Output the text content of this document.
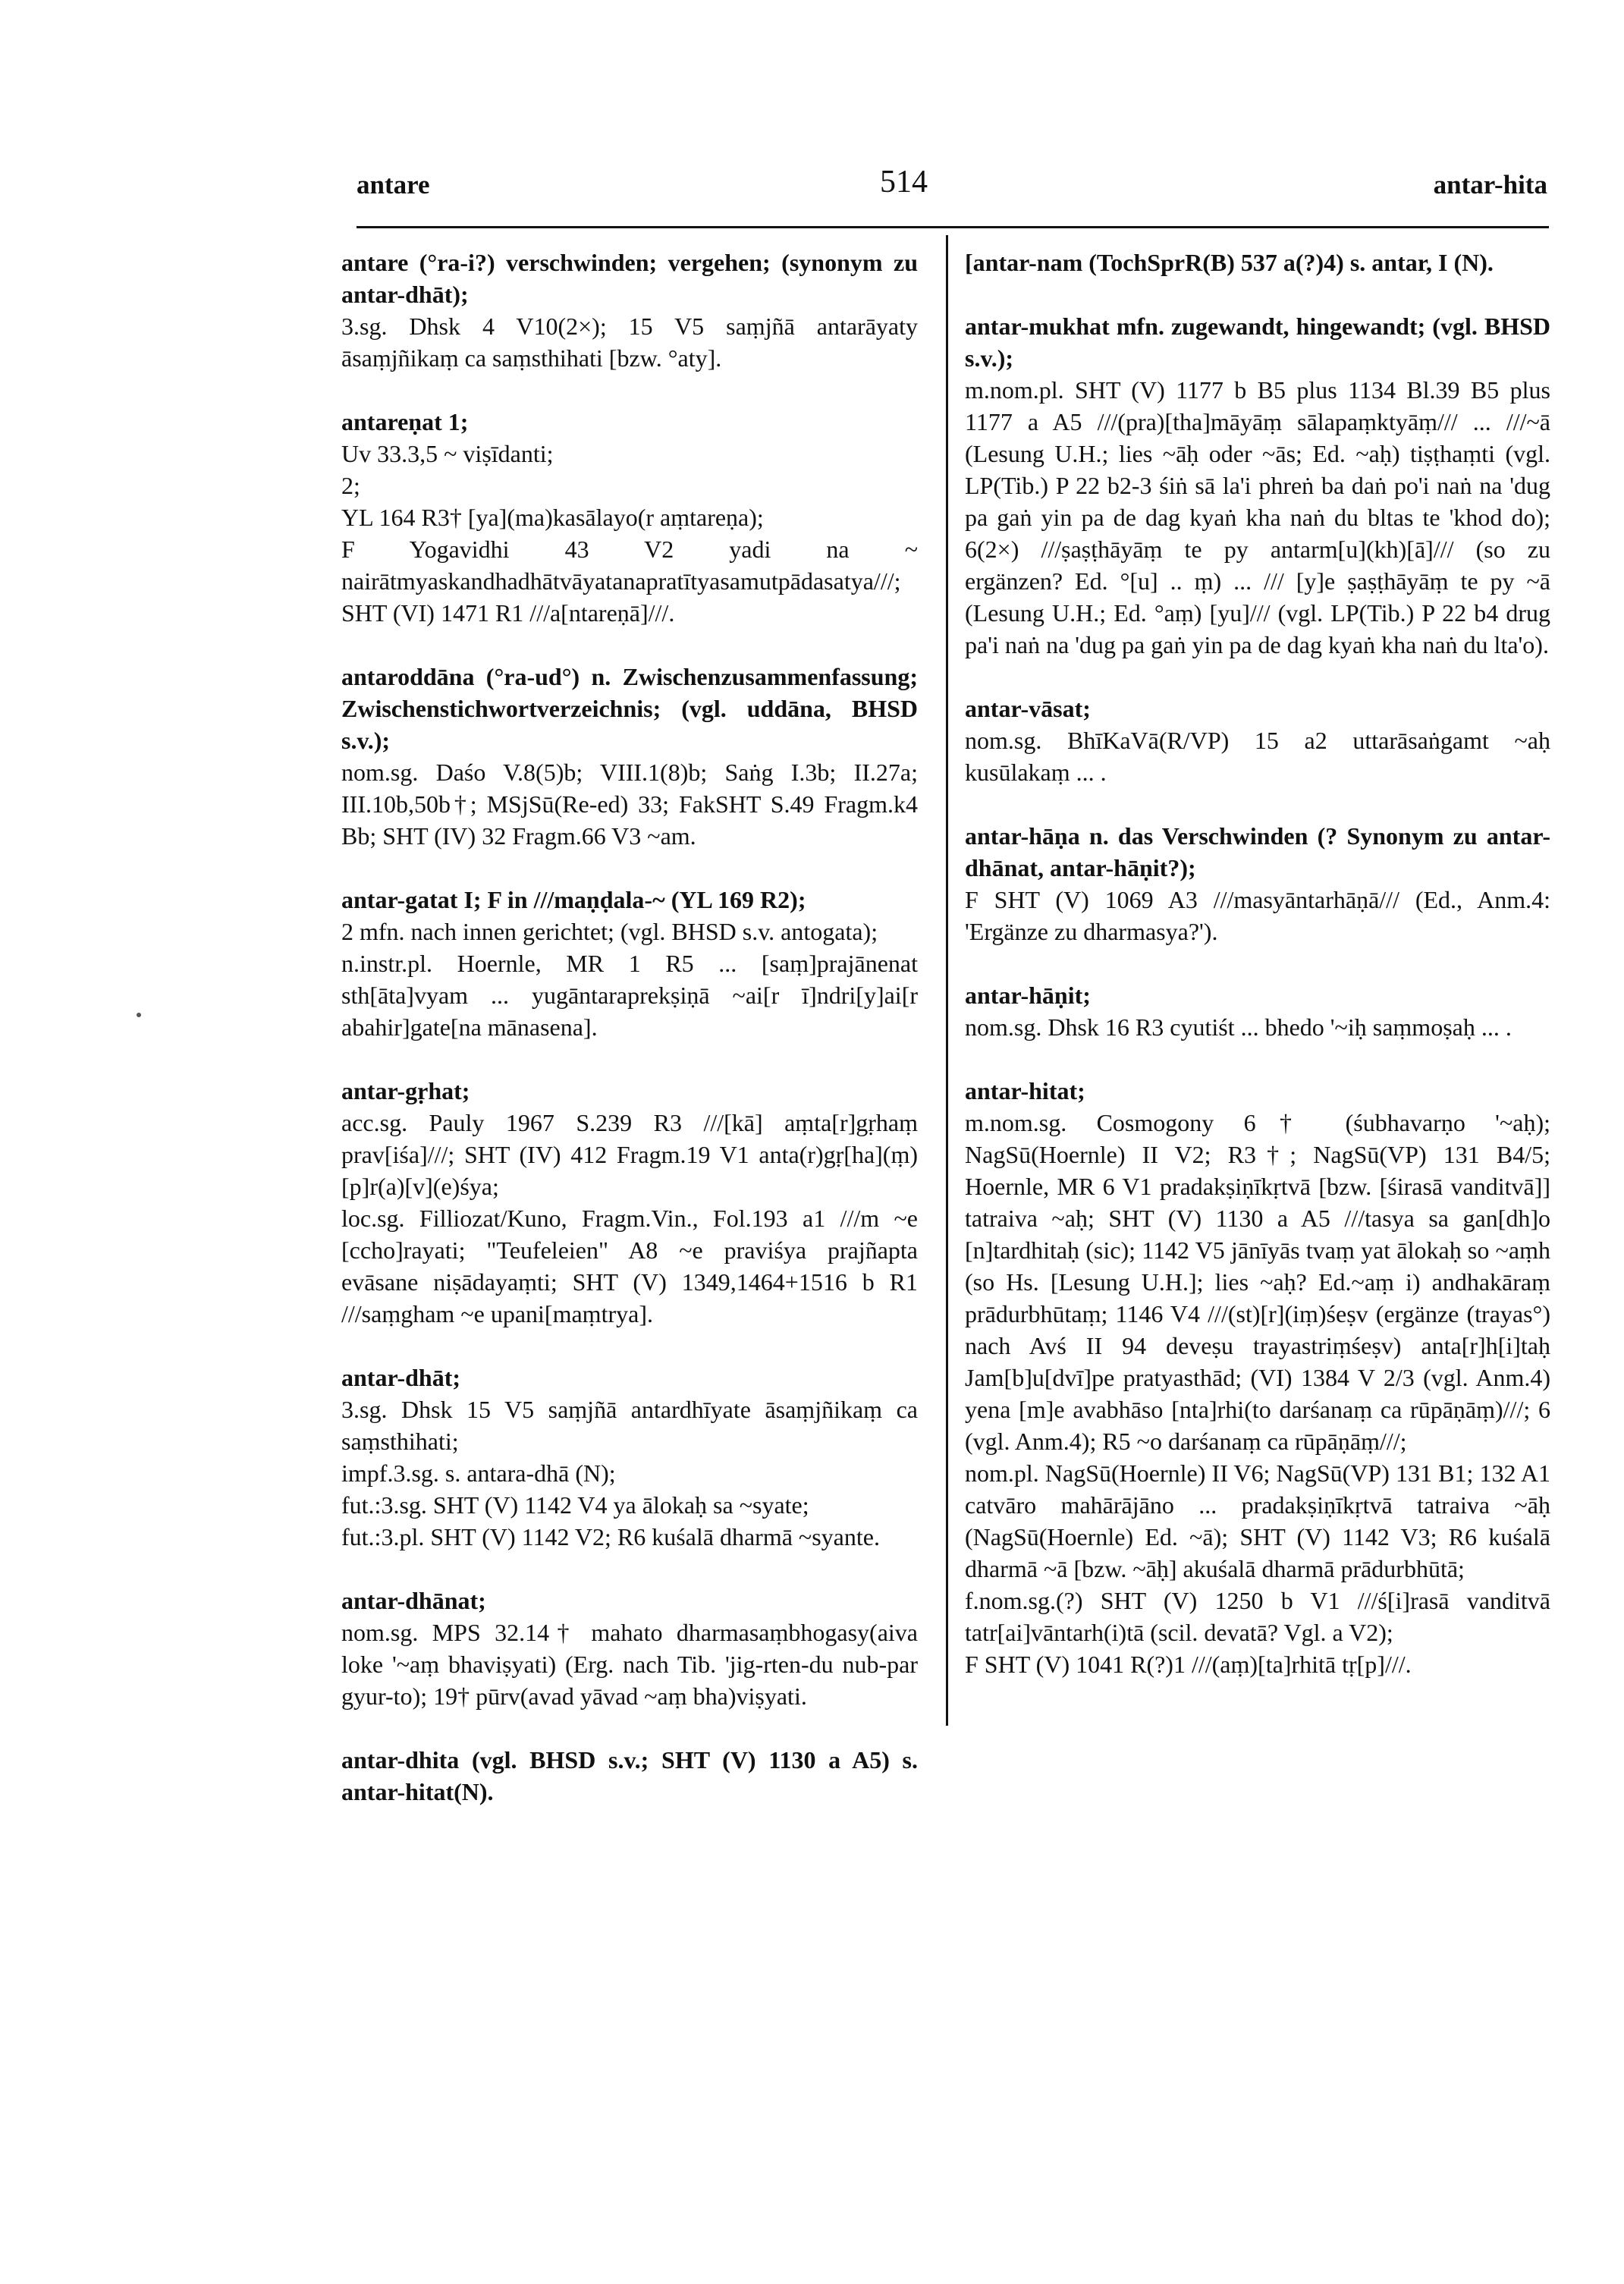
antare	514	antar-hita

antare (°ra-i?) verschwinden; vergehen; (synonym zu antar-dhāt);

3.sg. Dhsk 4 V10(2×); 15 V5 saṃjñā antarāyaty āsaṃjñikaṃ ca saṃsthihati [bzw. °aty].

antareṇat 1;

Uv 33.3,5 ~ viṣīdanti;

2;

YL 164 R3† [ya](ma)kasālayo(r aṃtareṇa);

F Yogavidhi 43 V2 yadi na ~ nairātmyaskandhadhātvāyatanapratītyasamutpādasatya///; SHT (VI) 1471 R1 ///a[ntareṇā]///.

antaroddāna (°ra-ud°) n. Zwischenzusammenfassung; Zwischenstichwortverzeichnis; (vgl. uddāna, BHSD s.v.);

nom.sg. Daśo V.8(5)b; VIII.1(8)b; Saṅg I.3b; II.27a; III.10b,50b†; MSjSū(Re-ed) 33; FakSHT S.49 Fragm.k4 Bb; SHT (IV) 32 Fragm.66 V3 ~am.

antar-gatat I; F in ///maṇḍala-~ (YL 169 R2);

2 mfn. nach innen gerichtet; (vgl. BHSD s.v. antogata);

n.instr.pl. Hoernle, MR 1 R5 ... [saṃ]prajānenat sth[āta]vyam ... yugāntaraprekṣiṇā ~ai[r ī]ndri[y]ai[r abahir]gate[na mānasena].

antar-gṛhat;

acc.sg. Pauly 1967 S.239 R3 ///[kā] aṃta[r]gṛhaṃ prav[iśa]///; SHT (IV) 412 Fragm.19 V1 anta(r)gṛ[ha](ṃ) [p]r(a)[v](e)śya;

loc.sg. Filliozat/Kuno, Fragm.Vin., Fol.193 a1 ///m ~e [ccho]rayati; "Teufeleien" A8 ~e praviśya prajñapta evāsane niṣādayaṃti; SHT (V) 1349,1464+1516 b R1 ///saṃgham ~e upani[maṃtrya].

antar-dhāt;

3.sg. Dhsk 15 V5 saṃjñā antardhīyate āsaṃjñikaṃ ca saṃsthihati;

impf.3.sg. s. antara-dhā (N);

fut.:3.sg. SHT (V) 1142 V4 ya ālokaḥ sa ~syate;

fut.:3.pl. SHT (V) 1142 V2; R6 kuśalā dharmā ~syante.

antar-dhānat;

nom.sg. MPS 32.14† mahato dharmasaṃbhogasy(aiva loke '~aṃ bhaviṣyati) (Erg. nach Tib. 'jig-rten-du nub-par gyur-to); 19† pūrv(avad yāvad ~aṃ bha)viṣyati.

antar-dhita (vgl. BHSD s.v.; SHT (V) 1130 a A5) s. antar-hitat(N).

[antar-nam (TochSprR(B) 537 a(?)4) s. antar, I (N).

antar-mukhat mfn. zugewandt, hingewandt; (vgl. BHSD s.v.);

m.nom.pl. SHT (V) 1177 b B5 plus 1134 Bl.39 B5 plus 1177 a A5 ///(pra)[tha]māyāṃ sālapaṃktyāṃ/// ... ///~ā (Lesung U.H.; lies ~āḥ oder ~ās; Ed. ~aḥ) tiṣṭhaṃti (vgl. LP(Tib.) P 22 b2-3 śiṅ sā la'i phreṅ ba daṅ po'i naṅ na 'dug pa gaṅ yin pa de dag kyaṅ kha naṅ du bltas te 'khod do); 6(2×) ///ṣaṣṭhāyāṃ te py antarm[u](kh)[ā]/// (so zu ergänzen? Ed. °[u] .. ṃ) ... /// [y]e ṣaṣṭhāyāṃ te py ~ā (Lesung U.H.; Ed. °aṃ) [yu]/// (vgl. LP(Tib.) P 22 b4 drug pa'i naṅ na 'dug pa gaṅ yin pa de dag kyaṅ kha naṅ du lta'o).

antar-vāsat;

nom.sg. BhīKaVā(R/VP) 15 a2 uttarāsaṅgamt ~aḥ kusūlakaṃ ... .

antar-hāṇa n. das Verschwinden (? Synonym zu antar-dhānat, antar-hāṇit?);

F SHT (V) 1069 A3 ///masyāntarhāṇā/// (Ed., Anm.4: 'Ergänze zu dharmasya?').

antar-hāṇit;

nom.sg. Dhsk 16 R3 cyutiśt ... bhedo '~iḥ saṃmoṣaḥ ... .

antar-hitat;

m.nom.sg. Cosmogony 6† (śubhavarṇo '~aḥ); NagSū(Hoernle) II V2; R3†; NagSū(VP) 131 B4/5; Hoernle, MR 6 V1 pradakṣiṇīkṛtvā [bzw. [śirasā vanditvā]] tatraiva ~aḥ; SHT (V) 1130 a A5 ///tasya sa gan[dh]o [n]tardhitaḥ (sic); 1142 V5 jānīyās tvaṃ yat ālokaḥ so ~aṃh (so Hs. [Lesung U.H.]; lies ~aḥ? Ed.~aṃ i) andhakāraṃ prādurbhūtaṃ; 1146 V4 ///(st)[r](iṃ)śeṣv (ergänze (trayas°) nach Avś II 94 deveṣu trayastriṃśeṣv) anta[r]h[i]taḥ Jam[b]u[dvī]pe pratyasthād; (VI) 1384 V 2/3 (vgl. Anm.4) yena [m]e avabhāso [nta]rhi(to darśanaṃ ca rūpāṇāṃ)///; 6 (vgl. Anm.4); R5 ~o darśanaṃ ca rūpāṇāṃ///;

nom.pl. NagSū(Hoernle) II V6; NagSū(VP) 131 B1; 132 A1 catvāro mahārājāno ... pradakṣiṇīkṛtvā tatraiva ~āḥ (NagSū(Hoernle) Ed. ~ā); SHT (V) 1142 V3; R6 kuśalā dharmā ~ā [bzw. ~āḥ] akuśalā dharmā prādurbhūtā;

f.nom.sg.(?) SHT (V) 1250 b V1 ///ś[i]rasā vanditvā tatr[ai]vāntarh(i)tā (scil. devatā? Vgl. a V2);

F SHT (V) 1041 R(?)1 ///(aṃ)[ta]rhitā tṛ[p]///.
